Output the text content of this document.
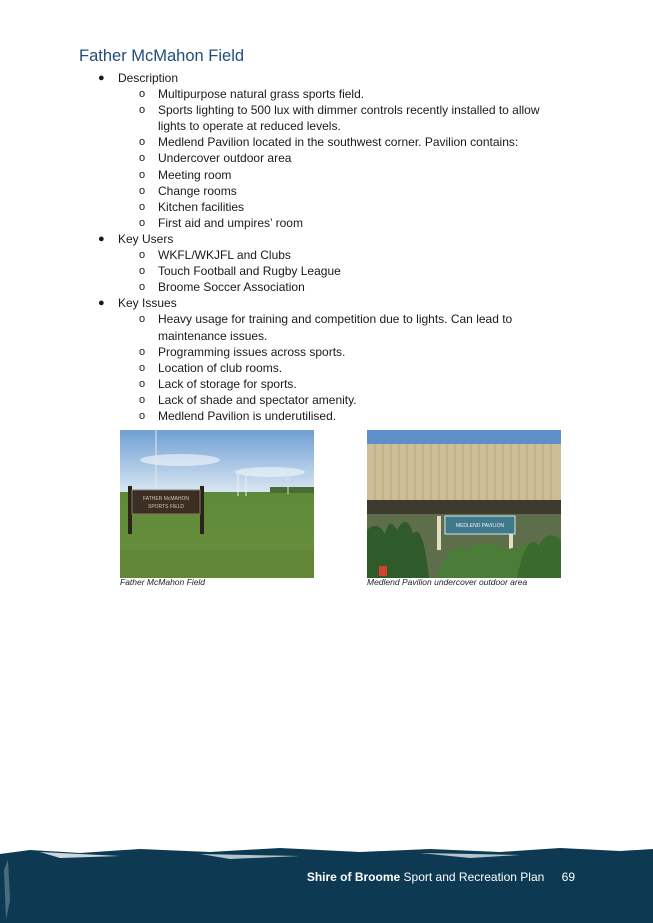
Father McMahon Field
● Description
o Multipurpose natural grass sports field.
o Sports lighting to 500 lux with dimmer controls recently installed to allow lights to operate at reduced levels.
o Medlend Pavilion located in the southwest corner. Pavilion contains:
o Undercover outdoor area
o Meeting room
o Change rooms
o Kitchen facilities
o First aid and umpires’ room
● Key Users
o WKFL/WKJFL and Clubs
o Touch Football and Rugby League
o Broome Soccer Association
● Key Issues
o Heavy usage for training and competition due to lights. Can lead to maintenance issues.
o Programming issues across sports.
o Location of club rooms.
o Lack of storage for sports.
o Lack of shade and spectator amenity.
o Medlend Pavilion is underutilised.
FATHER McMAHON
SPORTS FIELD
Father McMahon Field
MEDLEND PAVILION
Medlend Pavilion undercover outdoor area
Shire of Broome Sport and Recreation Plan 69
